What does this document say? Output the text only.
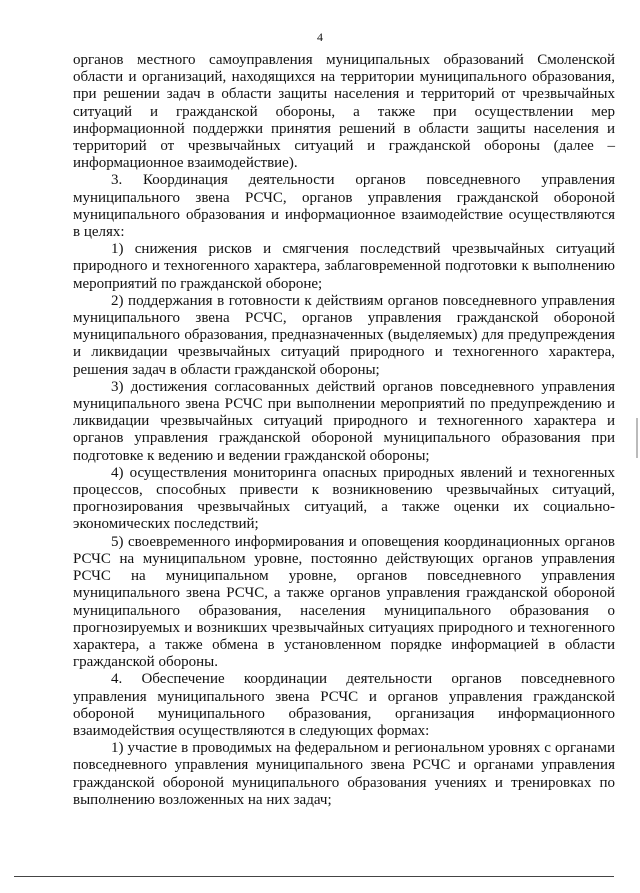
4

органов местного самоуправления муниципальных образований Смоленской области и организаций, находящихся на территории муниципального образования, при решении задач в области защиты населения и территорий от чрезвычайных ситуаций и гражданской обороны, а также при осуществлении мер информационной поддержки принятия решений в области защиты населения и территорий от чрезвычайных ситуаций и гражданской обороны (далее – информационное взаимодействие).

3. Координация деятельности органов повседневного управления муниципального звена РСЧС, органов управления гражданской обороной муниципального образования и информационное взаимодействие осуществляются в целях:

1) снижения рисков и смягчения последствий чрезвычайных ситуаций природного и техногенного характера, заблаговременной подготовки к выполнению мероприятий по гражданской обороне;

2) поддержания в готовности к действиям органов повседневного управления муниципального звена РСЧС, органов управления гражданской обороной муниципального образования, предназначенных (выделяемых) для предупреждения и ликвидации чрезвычайных ситуаций природного и техногенного характера, решения задач в области гражданской обороны;

3) достижения согласованных действий органов повседневного управления муниципального звена РСЧС при выполнении мероприятий по предупреждению и ликвидации чрезвычайных ситуаций природного и техногенного характера и органов управления гражданской обороной муниципального образования при подготовке к ведению и ведении гражданской обороны;

4) осуществления мониторинга опасных природных явлений и техногенных процессов, способных привести к возникновению чрезвычайных ситуаций, прогнозирования чрезвычайных ситуаций, а также оценки их социально-экономических последствий;

5) своевременного информирования и оповещения координационных органов РСЧС на муниципальном уровне, постоянно действующих органов управления РСЧС на муниципальном уровне, органов повседневного управления муниципального звена РСЧС, а также органов управления гражданской обороной муниципального образования, населения муниципального образования о прогнозируемых и возникших чрезвычайных ситуациях природного и техногенного характера, а также обмена в установленном порядке информацией в области гражданской обороны.

4. Обеспечение координации деятельности органов повседневного управления муниципального звена РСЧС и органов управления гражданской обороной муниципального образования, организация информационного взаимодействия осуществляются в следующих формах:

1) участие в проводимых на федеральном и региональном уровнях с органами повседневного управления муниципального звена РСЧС и органами управления гражданской обороной муниципального образования учениях и тренировках по выполнению возложенных на них задач;
